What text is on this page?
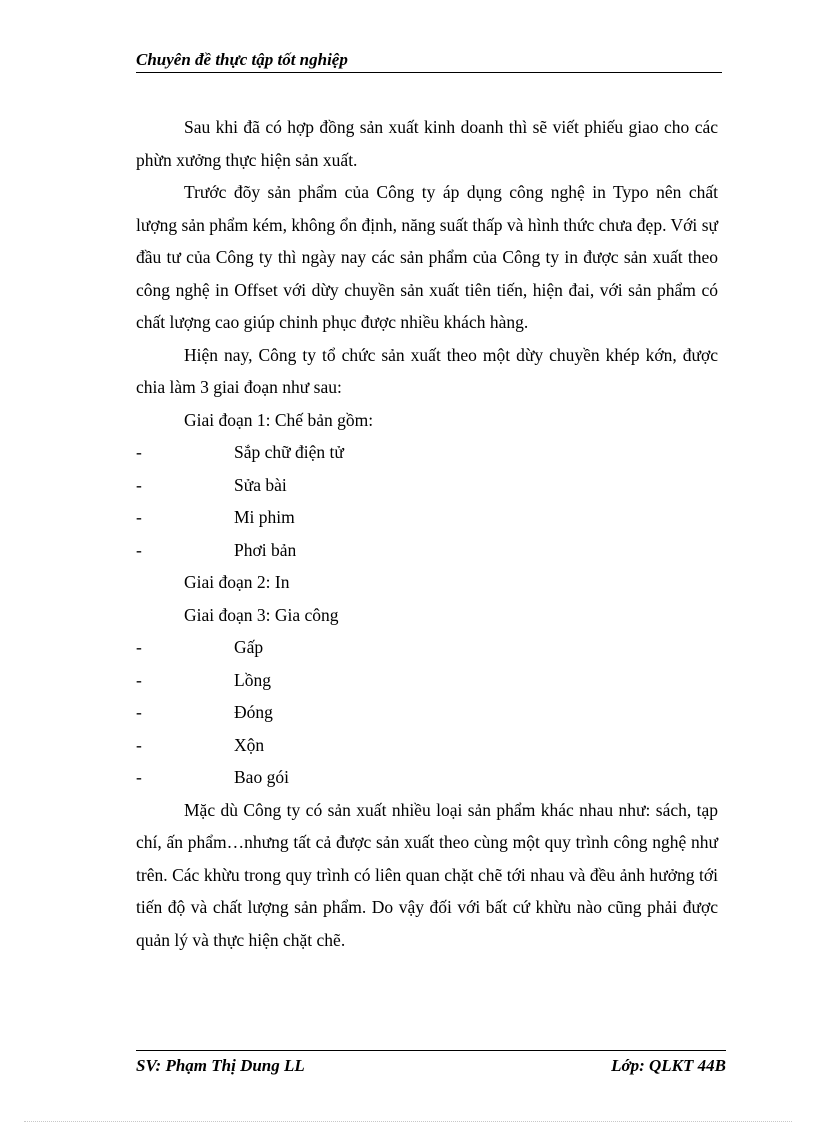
Chuyên đề thực tập tốt nghiệp

Sau khi đã có hợp đồng sản xuất kinh doanh thì sẽ viết phiếu giao cho các phừn xưởng thực hiện sản xuất.

Trước đõy sản phẩm của Công ty áp dụng công nghệ in Typo nên chất lượng sản phẩm kém, không ổn định, năng suất thấp và hình thức chưa đẹp. Với sự đầu tư của Công ty thì ngày nay các sản phẩm của Công ty in được sản xuất theo công nghệ in Offset với dừy chuyền sản xuất tiên tiến, hiện đai, với sản phẩm có chất lượng cao giúp chinh phục được nhiều khách hàng.

Hiện nay, Công ty tổ chức sản xuất theo một dừy chuyền khép kớn, được chia làm 3 giai đoạn như sau:

Giai đoạn 1: Chế bản gồm:

-	Sắp chữ điện tử
-	Sửa bài
-	Mi phim
-	Phơi bản

Giai đoạn 2: In

Giai đoạn 3: Gia công

-	Gấp
-	Lồng
-	Đóng
-	Xộn
-	Bao gói

Mặc dù Công ty có sản xuất nhiều loại sản phẩm khác nhau như: sách, tạp chí, ấn phẩm…nhưng tất cả được sản xuất theo cùng một quy trình công nghệ như trên. Các khừu trong quy trình có liên quan chặt chẽ tới nhau và đều ảnh hưởng tới tiến độ và chất lượng sản phẩm. Do vậy đối với bất cứ khừu nào cũng phải được quản lý và thực hiện chặt chẽ.

SV: Phạm Thị Dung LL	Lớp: QLKT 44B
